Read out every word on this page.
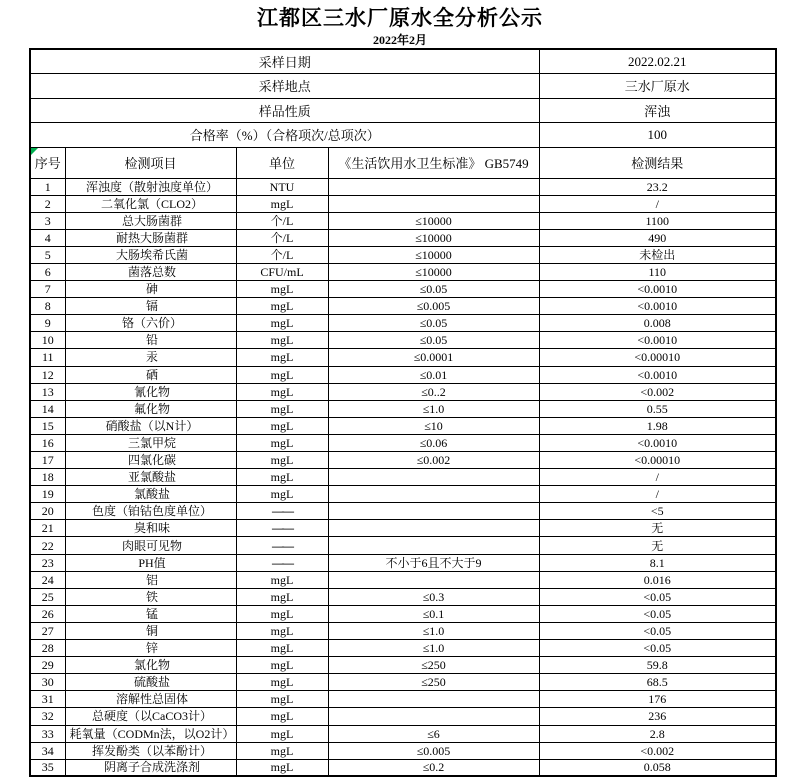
江都区三水厂原水全分析公示
2022年2月
采样日期				2022.02.21
采样地点				三水厂原水
样品性质				浑浊
合格率（%）（合格项次/总项次）				100

序号	检测项目	单位	《生活饮用水卫生标准》 GB5749	检测结果
1	浑浊度（散射浊度单位）	NTU		23.2
2	二氧化氯（CLO2）	mgL		/
3	总大肠菌群	个/L	≤10000	1100
4	耐热大肠菌群	个/L	≤10000	490
5	大肠埃希氏菌	个/L	≤10000	未检出
6	菌落总数	CFU/mL	≤10000	110
7	砷	mgL	≤0.05	<0.0010
8	镉	mgL	≤0.005	<0.0010
9	铬（六价）	mgL	≤0.05	0.008
10	铅	mgL	≤0.05	<0.0010
11	汞	mgL	≤0.0001	<0.00010
12	硒	mgL	≤0.01	<0.0010
13	氰化物	mgL	≤0..2	<0.002
14	氟化物	mgL	≤1.0	0.55
15	硝酸盐（以N计）	mgL	≤10	1.98
16	三氯甲烷	mgL	≤0.06	<0.0010
17	四氯化碳	mgL	≤0.002	<0.00010
18	亚氯酸盐	mgL		/
19	氯酸盐	mgL		/
20	色度（铂钴色度单位）	——		<5
21	臭和味	——		无
22	肉眼可见物	——		无
23	PH值	——	不小于6且不大于9	8.1
24	铝	mgL		0.016
25	铁	mgL	≤0.3	<0.05
26	锰	mgL	≤0.1	<0.05
27	铜	mgL	≤1.0	<0.05
28	锌	mgL	≤1.0	<0.05
29	氯化物	mgL	≤250	59.8
30	硫酸盐	mgL	≤250	68.5
31	溶解性总固体	mgL		176
32	总硬度（以CaCO3计）	mgL		236
33	耗氧量（CODMn法，以O2计）	mgL	≤6	2.8
34	挥发酚类（以苯酚计）	mgL	≤0.005	<0.002
35	阴离子合成洗涤剂	mgL	≤0.2	0.058
